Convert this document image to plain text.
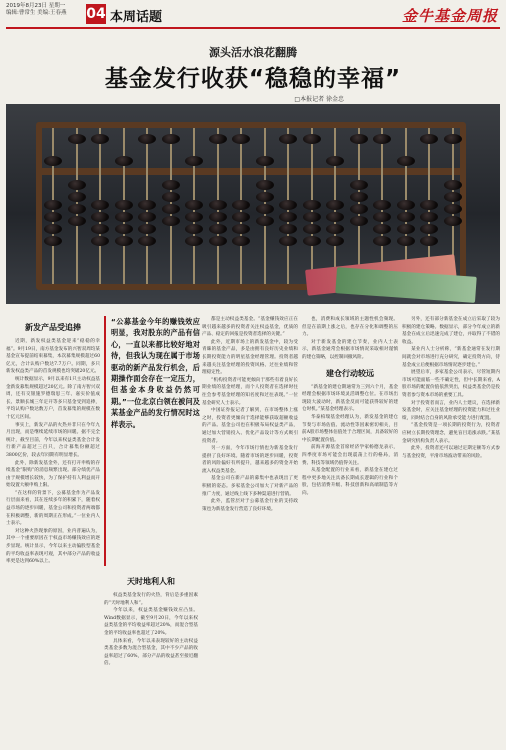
2019年8月23日 星期一
编辑:曹常生 美编:王春燕 04 本周话题	金牛基金周报
源头活水浪花翻腾
基金发行收获“稳稳的幸福”
□本报记者 徐金忠

新发产品受追捧

近期，新发权益类基金迎来“稳稳的幸福”。9月19日，南方基金发布的兴智双周均某基金宣布提前结束募集，本次募集规模超过60亿元，合计认购户数达7.7万户。同期，多只新发权益类产品的首发规模也均突破20亿元。

统计数据显示，9月以来有1只主动权益基金新发募集规模超过20亿元。除了南方智兴双周，还有交银施罗德瑞思三年、嘉实价值成长、景顺长城三年定开等多只基金受到追捧，平均认购户数达数万户，首发募集的规模在数十亿元区间。

事实上，新发产品的火热并非只在今年九月出现，而是继续延续市场的回暖。据不完全统计，截至目前，今年以来权益类基金合计发行新产品超过三百只，合计募集份额超过3800亿份，较去年同期有明显增长。

此外，除新发基金外，还有打开申购的存续基金“限购”的消息频繁出现。部分绩优产品由于规模增长较快，为了保护持有人利益而开始设置大额申购上限。

“在这样的背景下，公募基金作为产品发行层面来看，其在连续多年的积累下，随着权益市场的逐步回暖，基金公司和投资者两端都在积极调整，新的周期正在形成。”一位业内人士表示。

对这种火热现象的原因，业内普遍认为，其中一个重要原因在于权益市场赚钱效应的逐步显现。统计显示，今年以来主动偏股型基金的平均收益率表现可观，其中部分产品的收益率更是达到60%以上。

“公募基金今年的赚钱效应明显，我对股东的产品有信心，一直以来都比较好地对待，但我认为现在属于市场驱动的新产品发行机会，后期操作面会存在一定压力，但基金本身收益仍然可期。”一位北京白领在被问及某基金产品的发行情况时这样表示。

天时地利人和

权益类基金发行的火热，背后是多重因素的“天时地利人和”。

今年以来，权益类基金赚钱效应凸显。Wind数据显示，截至9月20日，今年以来权益类基金的平均收益率超过20%，而混合型基金的平均收益率也超过了20%。

具体来看，今年以来表现较好的主动权益类基金多数为混合型基金，其中不少产品的收益率超过了60%，部分产品的收益甚至接近翻倍。

都是主动权益类基金。“基金赚钱效应正在吸引越来越多的投资者关注权益基金，优质的产品、稳定的回报是投资者选择的关键。”

此外，近期市场上的新发基金中，较为受青睐的基金产品，多是由拥有良好历史业绩和长期投资能力的明星基金经理管理。投资者越来越关注基金经理的投资风格、过往业绩和管理稳定性。

“机构投资者可能更倾向于那些有着良好长期业绩的基金经理，而个人投资者在选择时往往会参考基金经理的知名度和过往表现。”一位基金研究人士表示。

中国证券报记者了解到，在市场整体上涨之时，投资者更倾向于选择能够获取超额收益的产品。基金公司也在积极布局权益类产品，通过加大营销投入、优化产品设计等方式吸引投资者。

另一方面，今年市场行情也为新基金发行提供了良好环境。随着市场的逐步回暖，投资者的风险偏好有所提升，越来越多的资金开始流入权益类基金。

基金公司在新产品的募集中也表现出了更积极的姿态。多家基金公司加大了对新产品的推广力度，通过线上线下多种渠道进行营销。

此外，监管层对于公募基金行业的支持政策也为新基金发行营造了良好环境。

也，消费和成长领域的主题性机会频现。但是在前期上涨之后，也存在分化和调整的压力。

对于新发基金的建仓节奏，业内人士表示，新基金通常会根据市场情况采取相对谨慎的建仓策略，以控制回撤风险。

建仓行动较远

“新基金的建仓期通常为三到六个月，基金经理会根据市场环境灵活调整仓位。在市场出现较大波动时，新基金反而可能获得较好的建仓时机。”某基金经理表示。

华泰柏瑞基金经理认为，新发基金的建仓节奏与市场估值、流动性等因素密切相关，目前A股市场整体估值处于合理区间，具备较好的中长期配置价值。

前海开源基金首席经济学家杨德龙表示，四季度市场可能会出现震荡上行的格局，消费、科技等领域仍值得关注。

从基金配置的行业来看，新基金在建仓过程中更多地关注具备长期成长逻辑的行业和个股，包括消费升级、科技创新和高端制造等方向。

另外，还有部分新基金在成立后采取了较为积极的建仓策略。数据显示，部分今年成立的新基金在成立后迅速完成了建仓，并取得了不错的收益。

某业内人士分析称，“新基金通常在发行期间就会对市场进行充分研究，确定投资方向，待基金成立后便根据市场情况逐步建仓。”

展望后市，多家基金公司表示，尽管短期内市场可能面临一些不确定性，但中长期来看，A股市场的配置价值依然突出，权益类基金仍是投资者参与资本市场的重要工具。

对于投资者而言，业内人士建议，在选择新发基金时，应关注基金经理的投资能力和过往业绩，同时结合自身的风险承受能力进行配置。

“基金投资是一项长期的投资行为，投资者应树立长期投资理念，避免盲目追涨杀跌。”某基金研究机构负责人表示。

此外，投资者还可以通过定期定额等方式参与基金投资，平滑市场波动带来的风险。
